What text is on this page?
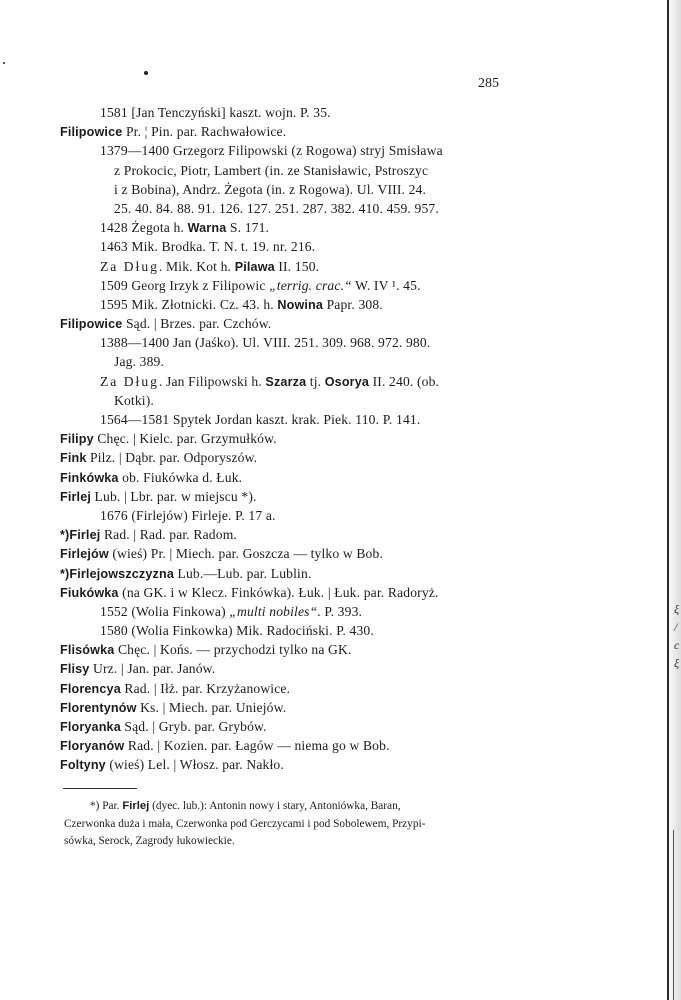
285
1581 [Jan Tenczyński] kaszt. wojn. P. 35.
Filipowice Pr. ¦ Pin. par. Rachwałowice.
1379—1400 Grzegorz Filipowski (z Rogowa) stryj Smisława
z Prokocic, Piotr, Lambert (in. ze Stanisławic, Pstroszyc
i z Bobina), Andrz. Żegota (in. z Rogowa). Ul. VIII. 24.
25. 40. 84. 88. 91. 126. 127. 251. 287. 382. 410. 459. 957.
1428 Żegota h. Warna S. 171.
1463 Mik. Brodka. T. N. t. 19. nr. 216.
Za Dług. Mik. Kot h. Pilawa II. 150.
1509 Georg Irzyk z Filipowic „terrig. crac.“ W. IV ¹. 45.
1595 Mik. Złotnicki. Cz. 43. h. Nowina Papr. 308.
Filipowice Sąd. | Brzes. par. Czchów.
1388—1400 Jan (Jaśko). Ul. VIII. 251. 309. 968. 972. 980.
Jag. 389.
Za Dług. Jan Filipowski h. Szarza tj. Osorya II. 240. (ob.
Kotki).
1564—1581 Spytek Jordan kaszt. krak. Piek. 110. P. 141.
Filipy Chęc. | Kielc. par. Grzymułków.
Fink Pilz. | Dąbr. par. Odporyszów.
Finkówka ob. Fiukówka d. Łuk.
Firlej Lub. | Lbr. par. w miejscu *).
1676 (Firlejów) Firleje. P. 17 a.
*)Firlej Rad. | Rad. par. Radom.
Firlejów (wieś) Pr. | Miech. par. Goszcza — tylko w Bob.
*)Firlejowszczyzna Lub.—Lub. par. Lublin.
Fiukówka (na GK. i w Klecz. Finkówka). Łuk. | Łuk. par. Radoryż.
1552 (Wolia Finkowa) „multi nobiles“. P. 393.
1580 (Wolia Finkowka) Mik. Radociński. P. 430.
Flisówka Chęc. | Końs. — przychodzi tylko na GK.
Flisy Urz. | Jan. par. Janów.
Florencya Rad. | Iłż. par. Krzyżanowice.
Florentynów Ks. | Miech. par. Uniejów.
Floryanka Sąd. | Gryb. par. Grybów.
Floryanów Rad. | Kozien. par. Łagów — niema go w Bob.
Foltyny (wieś) Lel. | Włosz. par. Nakło.
*) Par. Firlej (dyec. lub.): Antonin nowy i stary, Antoniówka, Baran,
Czerwonka duża i mała, Czerwonka pod Gerczycami i pod Sobolewem, Przypi-
sówka, Serock, Zagrody łukowieckie.
ξ
/ c
ξ
